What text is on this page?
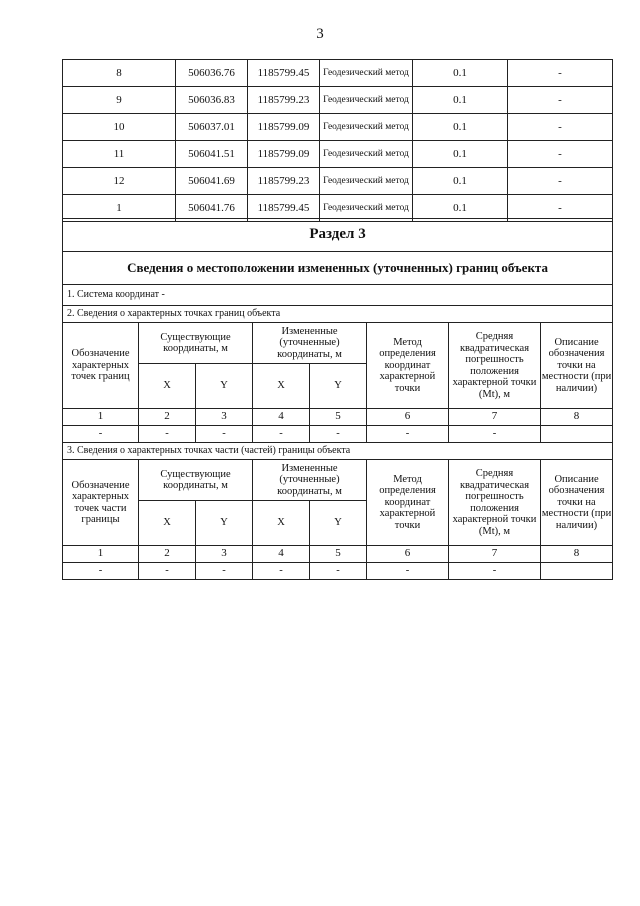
3
8	506036.76	1185799.45	Геодезический метод	0.1	-
9	506036.83	1185799.23	Геодезический метод	0.1	-
10	506037.01	1185799.09	Геодезический метод	0.1	-
11	506041.51	1185799.09	Геодезический метод	0.1	-
12	506041.69	1185799.23	Геодезический метод	0.1	-
1	506041.76	1185799.45	Геодезический метод	0.1	-
Раздел 3							
Сведения о местоположении измененных (уточненных) границ объекта							
1. Система координат -							
2. Сведения о характерных точках границ объекта							
Обозначение характерных точек границ	Существующие координаты, м		Измененные (уточненные) координаты, м		Метод определения координат характерной точки	Средняя квадратическая погрешность положения характерной точки (Mt), м	Описание обозначения точки на местности (при наличии)
	X	Y	X	Y			
1	2	3	4	5	6	7	8
-	-	-	-	-	-	-	
3. Сведения о характерных точках части (частей) границы объекта							
Обозначение характерных точек части границы	Существующие координаты, м		Измененные (уточненные) координаты, м		Метод определения координат характерной точки	Средняя квадратическая погрешность положения характерной точки (Mt), м	Описание обозначения точки на местности (при наличии)
	X	Y	X	Y			
1	2	3	4	5	6	7	8
-	-	-	-	-	-	-	
